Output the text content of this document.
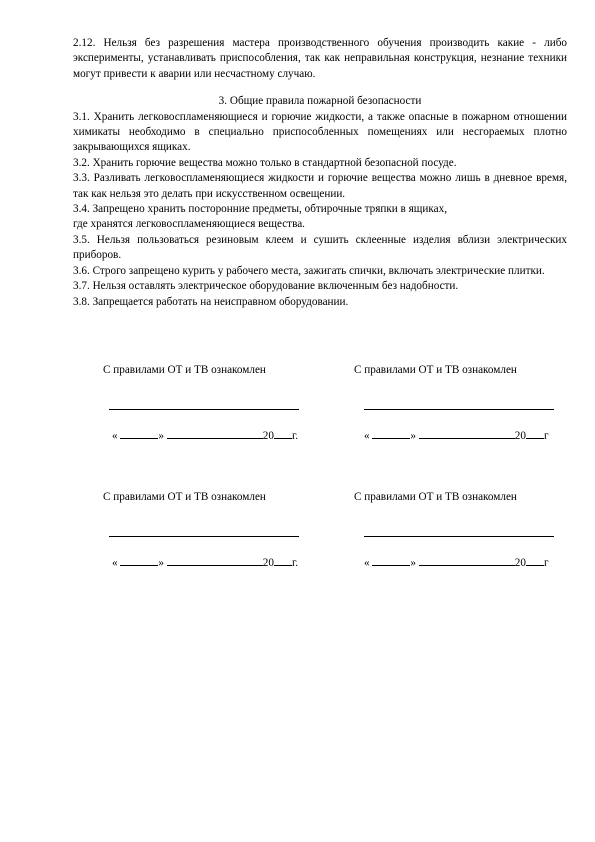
2.12. Нельзя без разрешения мастера производственного обучения производить какие - либо эксперименты, устанавливать приспособления, так как неправильная конструкция, незнание техники могут привести к аварии или несчастному случаю.

3. Общие правила пожарной безопасности

3.1. Хранить легковоспламеняющиеся и горючие жидкости, а также опасные в пожарном отношении химикаты необходимо в специально приспособленных помещениях или несгораемых плотно закрывающихся ящиках.

3.2. Хранить горючие вещества можно только в стандартной безопасной посуде.

3.3. Разливать легковоспламеняющиеся жидкости и горючие вещества можно лишь в дневное время, так как нельзя это делать при искусственном освещении.

3.4. Запрещено хранить посторонние предметы, обтирочные тряпки в ящиках,

где хранятся легковоспламеняющиеся вещества.

3.5. Нельзя пользоваться резиновым клеем и сушить склеенные изделия вблизи электрических приборов.

3.6. Строго запрещено курить у рабочего места, зажигать спички, включать электрические плитки.

3.7. Нельзя оставлять электрическое оборудование включенным без надобности.

3.8. Запрещается работать на неисправном оборудовании.

С правилами ОТ и ТВ ознакомлен
«	»	20 г.
С правилами ОТ и ТВ ознакомлен
«	»	20 г
С правилами ОТ и ТВ ознакомлен
«	»	20 г.
С правилами ОТ и ТВ ознакомлен
«	»	20 г
